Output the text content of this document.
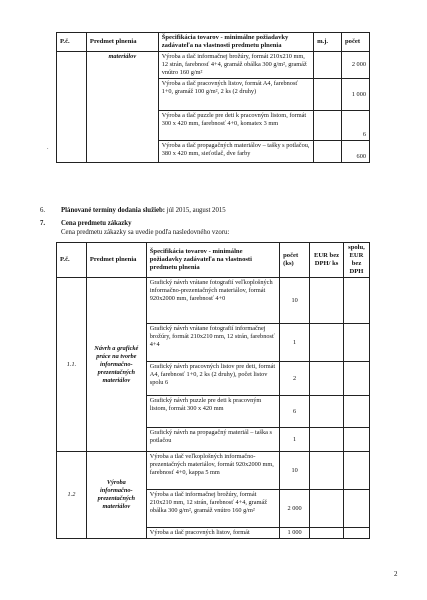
P.č.	Predmet plnenia	Špecifikácia tovarov - minimálne požiadavky zadávateľa na vlastnosti predmetu plnenia	m.j.	počet
	materiálov	Výroba a tlač informačnej brožúry, formát 210x210 mm, 12 strán, farebnosť 4+4, gramáž obálka 300 g/m², gramáž vnútro 160 g/m²		2 000
		Výroba a tlač pracovných listov, formát A4, farebnosť 1+0, gramáž 100 g/m², 2 ks (2 druhy)		1 000
		Výroba a tlač puzzle pre deti k pracovným listom, formát 300 x 420 mm, farebnosť 4+0, komatex 3 mm		6
		Výroba a tlač propagačných materiálov – tašky s potlačou, 380 x 420 mm, sieťotlač, dve farby		600
.
6. Plánované termíny dodania služieb: júl 2015, august 2015
7. Cena predmetu zákazky
Cena predmetu zákazky sa uvedie podľa nasledovného vzoru:
P.č.	Predmet plnenia	Špecifikácia tovarov - minimálne požiadavky zadávateľa na vlastnosti predmetu plnenia	počet (ks)	EUR bez DPH/ ks	spolu, EUR bez DPH
1.1.	Návrh a grafické práce na tvorbe informačno-prezentačných materiálov	Grafický návrh vrátane fotografií veľkoplošných informačno-prezentačných materiálov, formát 920x2000 mm, farebnosť 4+0	10		
		Grafický návrh vrátane fotografií informačnej brožúry, formát 210x210 mm, 12 strán, farebnosť 4+4	1		
		Grafický návrh pracovných listov pre deti, formát A4, farebnosť 1+0, 2 ks (2 druhy), počet listov spolu 6	2		
		Grafický návrh puzzle pre deti k pracovným listom, formát 300 x 420 mm	6		
		Grafický návrh na propagačný materiál – taška s potlačou	1		
1.2	Výroba informačno-prezentačných materiálov	Výroba a tlač veľkoplošných informačno-prezentačných materiálov, formát 920x2000 mm, farebnosť 4+0, kappa 5 mm	10		
		Výroba a tlač informačnej brožúry, formát 210x210 mm, 12 strán, farebnosť 4+4, gramáž obálka 300 g/m², gramáž vnútro 160 g/m²	2 000		
		Výroba a tlač pracovných listov, formát	1 000		
2
